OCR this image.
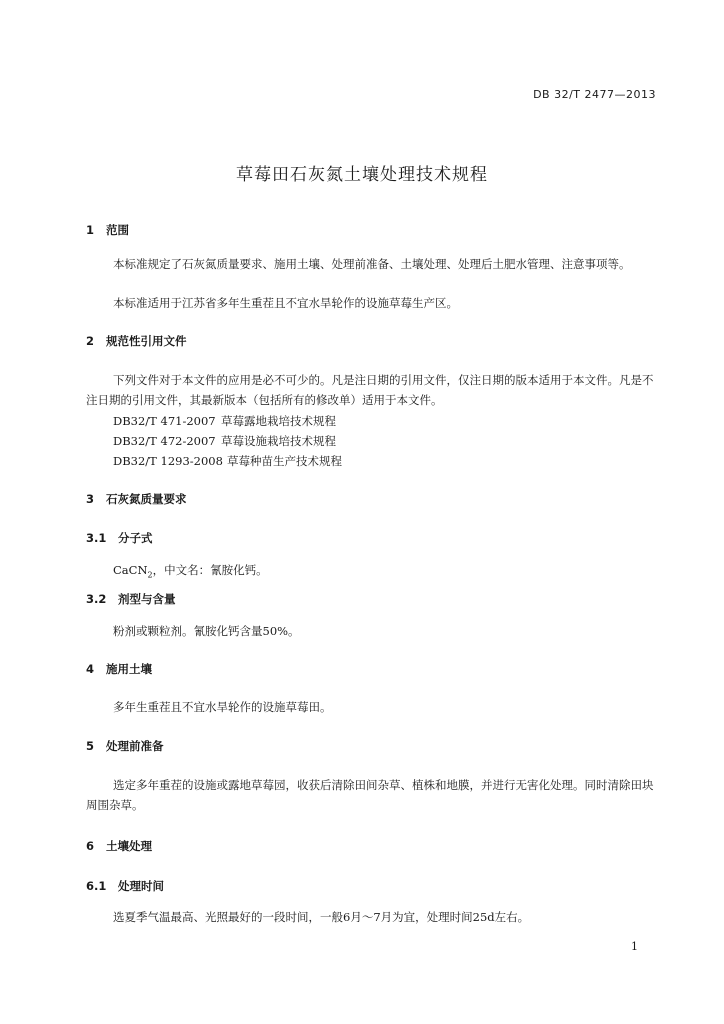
DB 32/T 2477—2013
草莓田石灰氮土壤处理技术规程
1 范围
本标准规定了石灰氮质量要求、施用土壤、处理前准备、土壤处理、处理后土肥水管理、注意事项等。
本标准适用于江苏省多年生重茬且不宜水旱轮作的设施草莓生产区。
2 规范性引用文件
下列文件对于本文件的应用是必不可少的。凡是注日期的引用文件，仅注日期的版本适用于本文件。凡是不注日期的引用文件，其最新版本（包括所有的修改单）适用于本文件。
DB32/T 471-2007 草莓露地栽培技术规程
DB32/T 472-2007 草莓设施栽培技术规程
DB32/T 1293-2008 草莓种苗生产技术规程
3 石灰氮质量要求
3.1 分子式
CaCN$_2$，中文名：氰胺化钙。
3.2 剂型与含量
粉剂或颗粒剂。氰胺化钙含量50%。
4 施用土壤
多年生重茬且不宜水旱轮作的设施草莓田。
5 处理前准备
选定多年重茬的设施或露地草莓园，收获后清除田间杂草、植株和地膜，并进行无害化处理。同时清除田块周围杂草。
6 土壤处理
6.1 处理时间
选夏季气温最高、光照最好的一段时间，一般6月～7月为宜，处理时间25d左右。
1
